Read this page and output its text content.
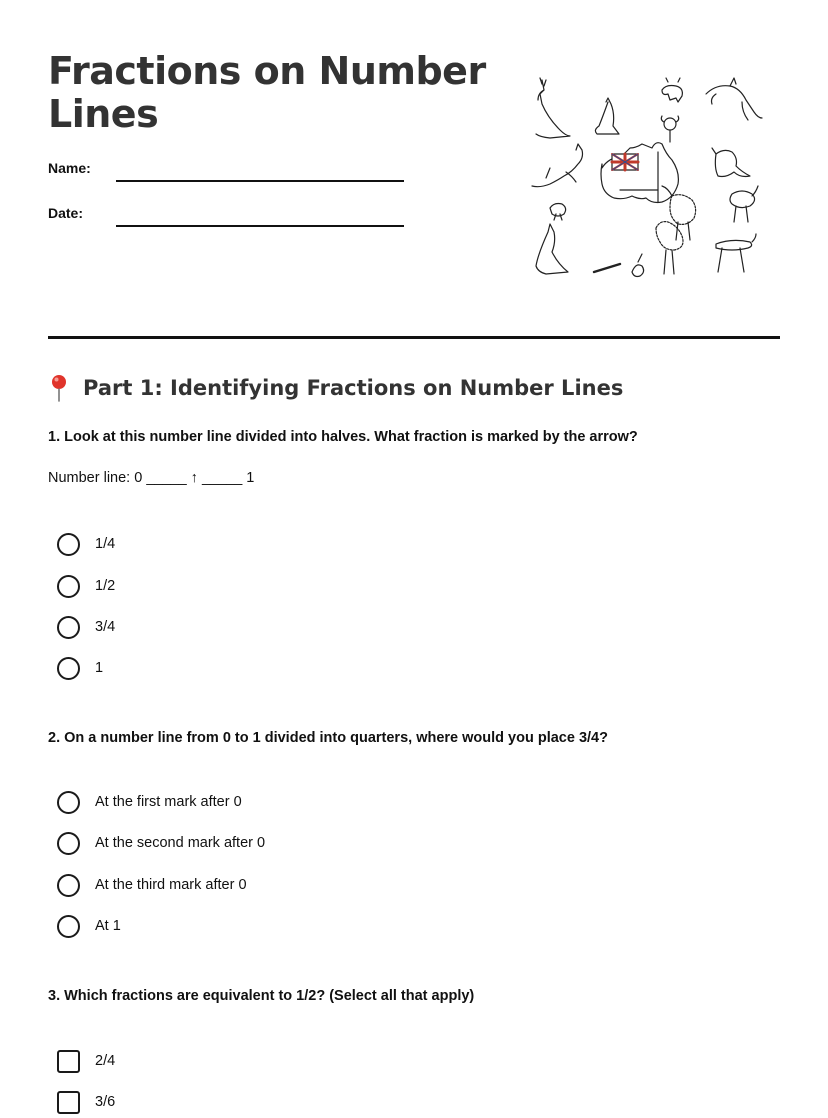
Fractions on Number Lines
Name:
Date:
Part 1: Identifying Fractions on Number Lines
1. Look at this number line divided into halves. What fraction is marked by the arrow?
Number line: 0 _____ ↑ _____ 1
1/4
1/2
3/4
1
2. On a number line from 0 to 1 divided into quarters, where would you place 3/4?
At the first mark after 0
At the second mark after 0
At the third mark after 0
At 1
3. Which fractions are equivalent to 1/2? (Select all that apply)
2/4
3/6
